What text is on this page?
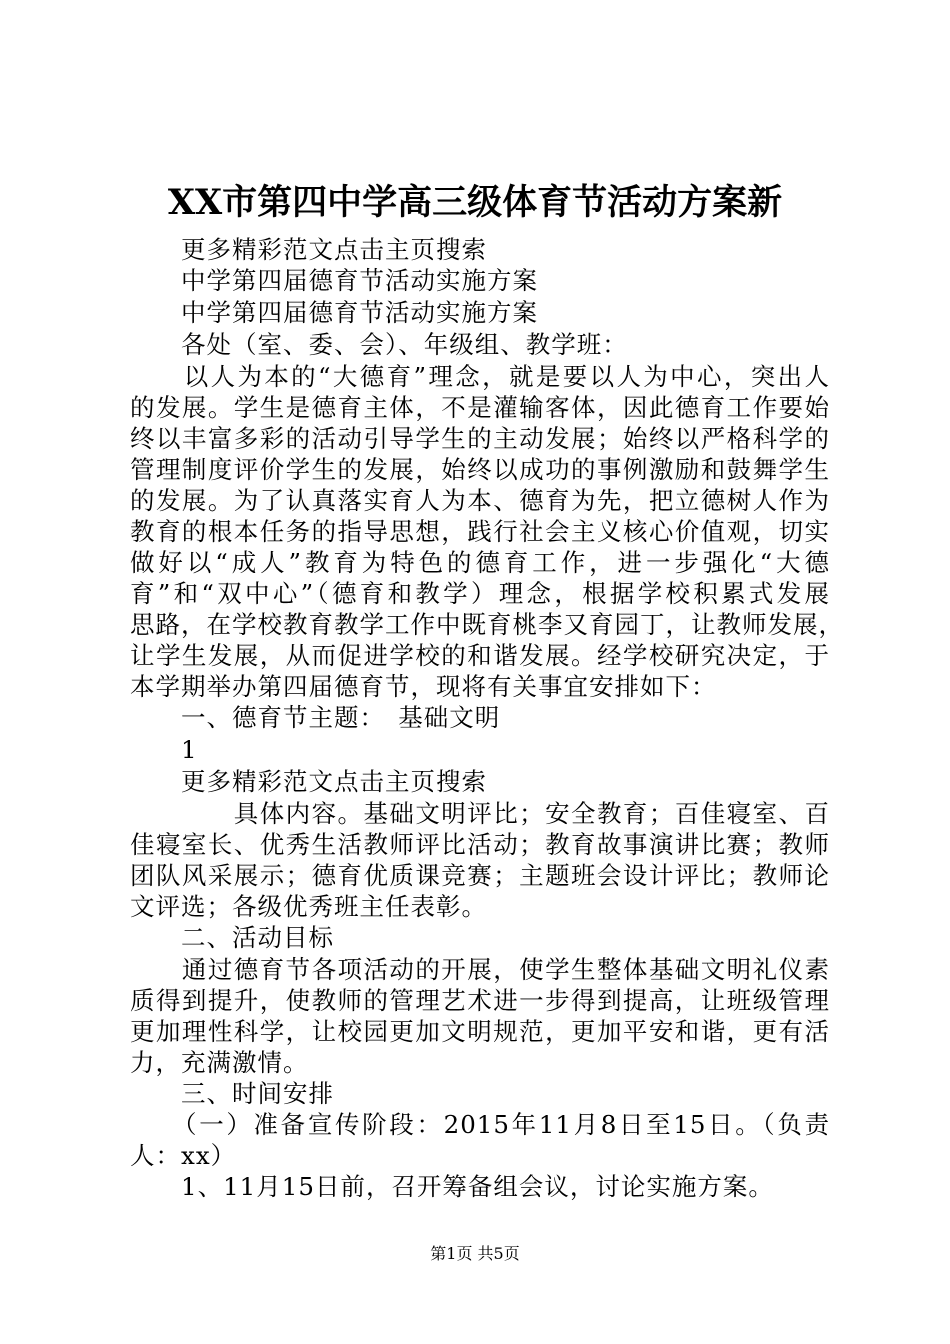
XX市第四中学高三级体育节活动方案新
　　更多精彩范文点击主页搜索
　　中学第四届德育节活动实施方案
　　中学第四届德育节活动实施方案
　　各处（室、委、会）、年级组、教学班：
　　以人为本的“大德育”理念，就是要以人为中心，突出人
的发展。学生是德育主体，不是灌输客体，因此德育工作要始
终以丰富多彩的活动引导学生的主动发展；始终以严格科学的
管理制度评价学生的发展，始终以成功的事例激励和鼓舞学生
的发展。为了认真落实育人为本、德育为先，把立德树人作为
教育的根本任务的指导思想，践行社会主义核心价值观，切实
做好以“成人”教育为特色的德育工作，进一步强化“大德
育”和“双中心”（德育和教学）理念，根据学校积累式发展
思路，在学校教育教学工作中既育桃李又育园丁，让教师发展，
让学生发展，从而促进学校的和谐发展。经学校研究决定，于
本学期举办第四届德育节，现将有关事宜安排如下：
　　一、德育节主题：　基础文明
　　1
　　更多精彩范文点击主页搜索
　　　　具体内容。基础文明评比；安全教育；百佳寝室、百
佳寝室长、优秀生活教师评比活动；教育故事演讲比赛；教师
团队风采展示；德育优质课竞赛；主题班会设计评比；教师论
文评选；各级优秀班主任表彰。
　　二、活动目标
　　通过德育节各项活动的开展，使学生整体基础文明礼仪素
质得到提升，使教师的管理艺术进一步得到提高，让班级管理
更加理性科学，让校园更加文明规范，更加平安和谐，更有活
力，充满激情。
　　三、时间安排
　　（一）准备宣传阶段：2015年11月8日至15日。（负责
人：xx）
　　1、11月15日前，召开筹备组会议，讨论实施方案。
第1页 共5页
